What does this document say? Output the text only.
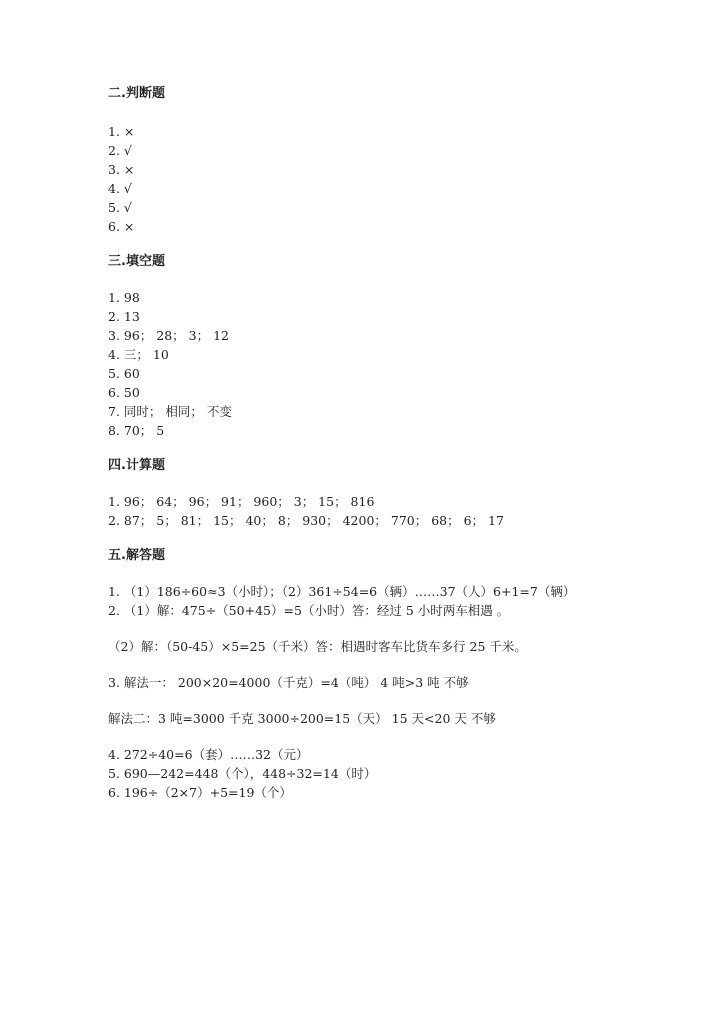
二.判断题
1. ×
2. √
3. ×
4. √
5. √
6. ×
三.填空题
1. 98
2. 13
3. 96； 28； 3； 12
4. 三； 10
5. 60
6. 50
7. 同时； 相同； 不变
8. 70； 5
四.计算题
1. 96； 64； 96； 91； 960； 3； 15； 816
2. 87； 5； 81； 15； 40； 8； 930； 4200； 770； 68； 6； 17
五.解答题
1. （1）186÷60≈3（小时）；（2）361÷54=6（辆）……37（人）6+1=7（辆）
2. （1）解：475÷（50+45）=5（小时）答：经过 5 小时两车相遇 。
（2）解：（50-45）×5=25（千米）答：相遇时客车比货车多行 25 千米。
3. 解法一： 200×20=4000（千克）=4（吨） 4 吨>3 吨 不够
解法二：3 吨=3000 千克 3000÷200=15（天） 15 天<20 天 不够
4. 272÷40=6（套）……32（元）
5. 690—242=448（个），448÷32=14（时）
6. 196÷（2×7）+5=19（个）
